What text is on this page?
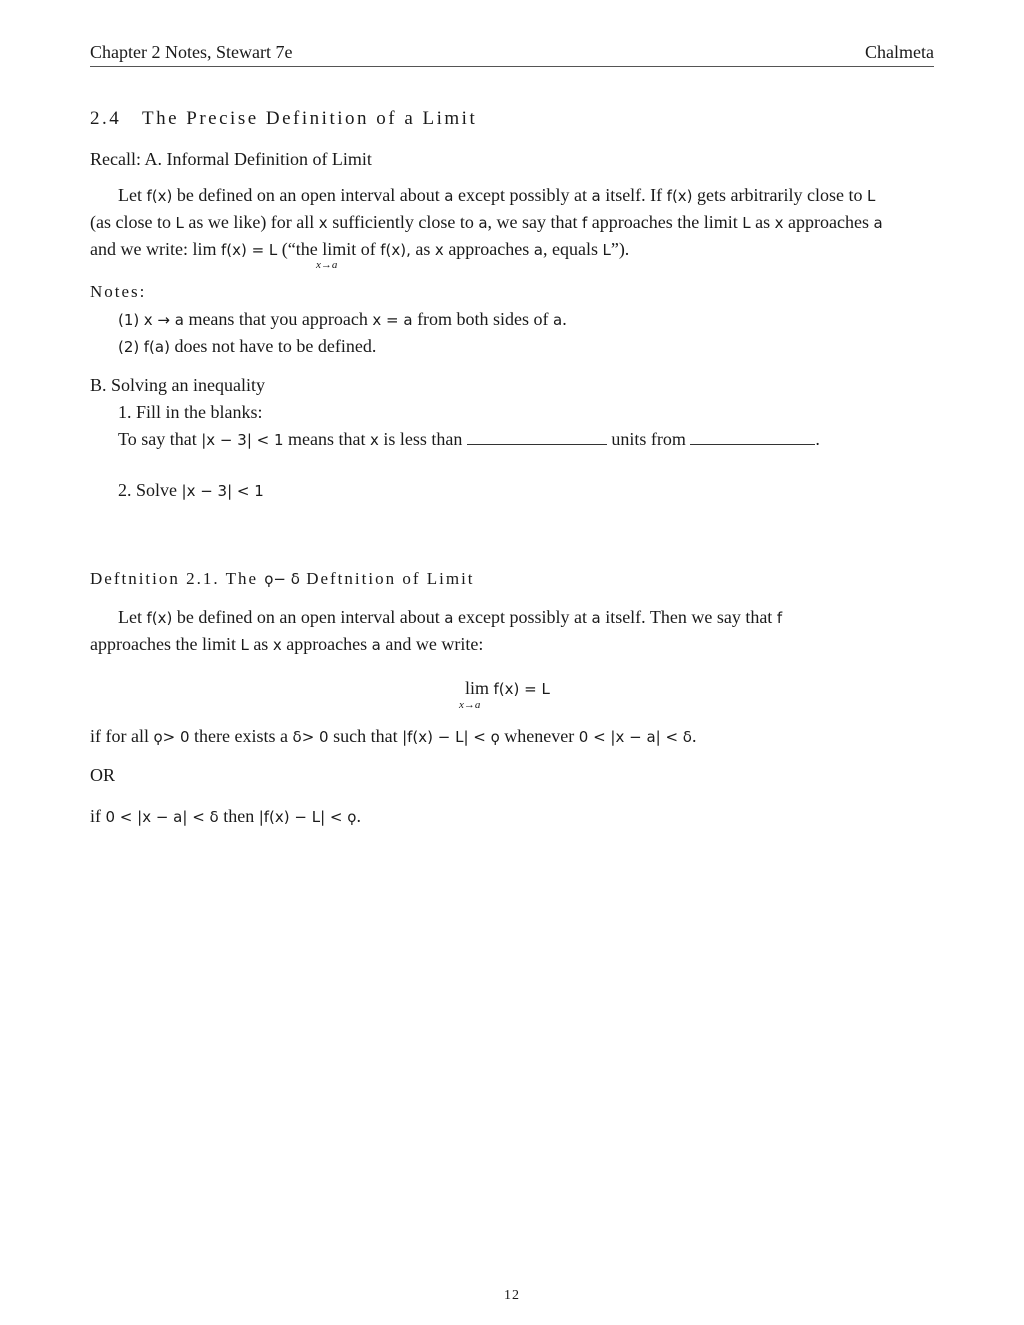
Chapter 2 Notes, Stewart 7e	Chalmeta
2.4 The Precise Definition of a Limit
Recall: A. Informal Definition of Limit
Let f(x) be defined on an open interval about a except possibly at a itself. If f(x) gets arbitrarily close to L
(as close to L as we like) for all x sufficiently close to a, we say that f approaches the limit L as x approaches a
and we write: lim f(x) = L (“the limit of f(x), as x approaches a, equals L”).
x→a
Notes:
(1) x → a means that you approach x = a from both sides of a.
(2) f(a) does not have to be defined.
B. Solving an inequality
1. Fill in the blanks:
To say that |x − 3| < 1 means that x is less than	units from	.
2. Solve |x − 3| < 1
Deftnition 2.1. The ϙ− δ Deftnition of Limit
Let f(x) be defined on an open interval about a except possibly at a itself. Then we say that f
approaches the limit L as x approaches a and we write:
lim f(x) = L
x→a
if for all ϙ> 0 there exists a δ> 0 such that |f(x) − L| < ϙ whenever 0 < |x − a| < δ.
OR
if 0 < |x − a| < δ then |f(x) − L| < ϙ.
12
